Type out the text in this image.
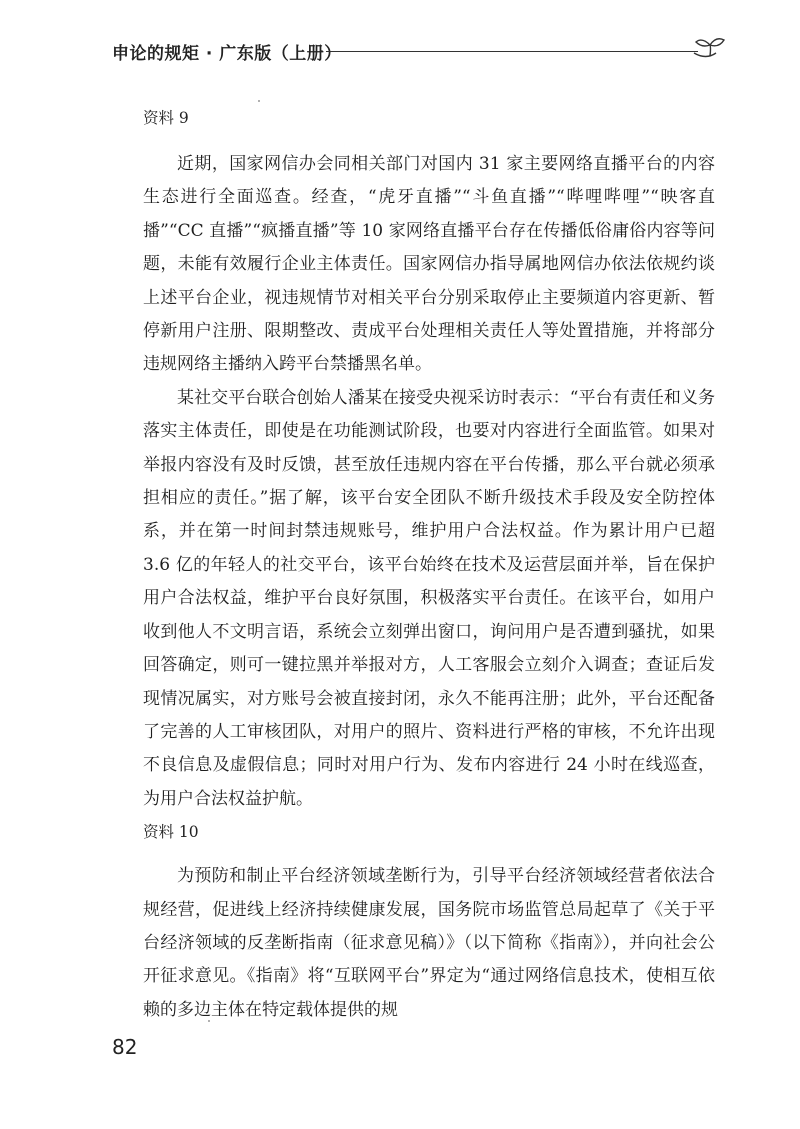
申论的规矩 · 广东版（上册）

资料 9

近期，国家网信办会同相关部门对国内 31 家主要网络直播平台的内容生态进行全面巡查。经查，“虎牙直播”“斗鱼直播”“哔哩哔哩”“映客直播”“CC 直播”“疯播直播”等 10 家网络直播平台存在传播低俗庸俗内容等问题，未能有效履行企业主体责任。国家网信办指导属地网信办依法依规约谈上述平台企业，视违规情节对相关平台分别采取停止主要频道内容更新、暂停新用户注册、限期整改、责成平台处理相关责任人等处置措施，并将部分违规网络主播纳入跨平台禁播黑名单。

某社交平台联合创始人潘某在接受央视采访时表示：“平台有责任和义务落实主体责任，即使是在功能测试阶段，也要对内容进行全面监管。如果对举报内容没有及时反馈，甚至放任违规内容在平台传播，那么平台就必须承担相应的责任。”据了解，该平台安全团队不断升级技术手段及安全防控体系，并在第一时间封禁违规账号，维护用户合法权益。作为累计用户已超 3.6 亿的年轻人的社交平台，该平台始终在技术及运营层面并举，旨在保护用户合法权益，维护平台良好氛围，积极落实平台责任。在该平台，如用户收到他人不文明言语，系统会立刻弹出窗口，询问用户是否遭到骚扰，如果回答确定，则可一键拉黑并举报对方，人工客服会立刻介入调查；查证后发现情况属实，对方账号会被直接封闭，永久不能再注册；此外，平台还配备了完善的人工审核团队，对用户的照片、资料进行严格的审核，不允许出现不良信息及虚假信息；同时对用户行为、发布内容进行 24 小时在线巡查，为用户合法权益护航。

资料 10

为预防和制止平台经济领域垄断行为，引导平台经济领域经营者依法合规经营，促进线上经济持续健康发展，国务院市场监管总局起草了《关于平台经济领域的反垄断指南（征求意见稿）》（以下简称《指南》），并向社会公开征求意见。《指南》将“互联网平台”界定为“通过网络信息技术，使相互依赖的多边主体在特定载体提供的规

82
